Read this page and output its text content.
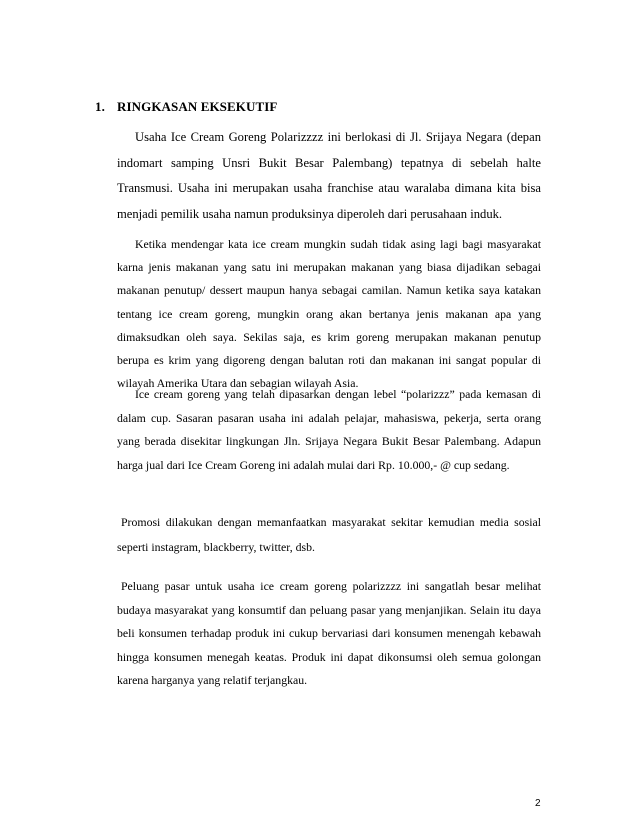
1. RINGKASAN EKSEKUTIF

Usaha Ice Cream Goreng Polarizzzz ini berlokasi di Jl. Srijaya Negara (depan indomart samping Unsri Bukit Besar Palembang) tepatnya di sebelah halte Transmusi. Usaha ini merupakan usaha franchise atau waralaba dimana kita bisa menjadi pemilik usaha namun produksinya diperoleh dari perusahaan induk.

Ketika mendengar kata ice cream mungkin sudah tidak asing lagi bagi masyarakat karna jenis makanan yang satu ini merupakan makanan yang biasa dijadikan sebagai makanan penutup/ dessert maupun hanya sebagai camilan. Namun ketika saya katakan tentang ice cream goreng, mungkin orang akan bertanya jenis makanan apa yang dimaksudkan oleh saya. Sekilas saja, es krim goreng merupakan makanan penutup berupa es krim yang digoreng dengan balutan roti dan makanan ini sangat popular di wilayah Amerika Utara dan sebagian wilayah Asia.

Ice cream goreng yang telah dipasarkan dengan lebel “polarizzz” pada kemasan di dalam cup. Sasaran pasaran usaha ini adalah pelajar, mahasiswa, pekerja, serta orang yang berada disekitar lingkungan Jln. Srijaya Negara Bukit Besar Palembang. Adapun harga jual dari Ice Cream Goreng ini adalah mulai dari Rp. 10.000,- @ cup sedang.

Promosi dilakukan dengan memanfaatkan masyarakat sekitar kemudian media sosial seperti instagram, blackberry, twitter, dsb.

Peluang pasar untuk usaha ice cream goreng polarizzzz ini sangatlah besar melihat budaya masyarakat yang konsumtif dan peluang pasar yang menjanjikan. Selain itu daya beli konsumen terhadap produk ini cukup bervariasi dari konsumen menengah kebawah hingga konsumen menegah keatas. Produk ini dapat dikonsumsi oleh semua golongan karena harganya yang relatif terjangkau.

2
